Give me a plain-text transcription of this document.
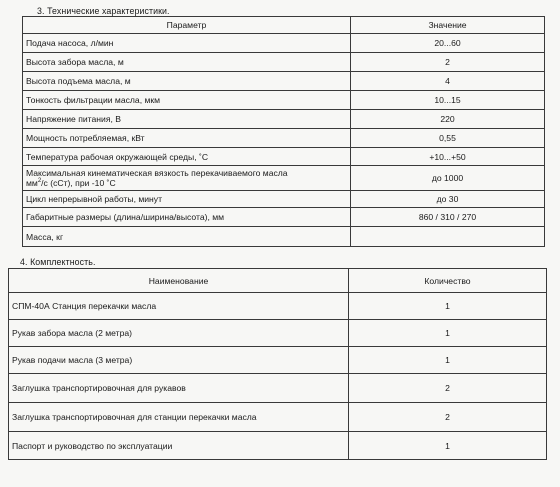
3. Технические характеристики.
Параметр	Значение
Подача насоса, л/мин	20...60
Высота забора масла, м	2
Высота подъема масла, м	4
Тонкость фильтрации масла, мкм	10...15
Напряжение питания, В	220
Мощность потребляемая, кВт	0,55
Температура рабочая окружающей среды, ˚С	+10...+50
Максимальная кинематическая вязкость перекачиваемого масла
$мм^2/с$ (сСт), при -10 ˚С	до 1000
Цикл непрерывной работы, минут	до 30
Габаритные размеры (длина/ширина/высота), мм	860 / 310 / 270
Масса, кг	
4. Комплектность.
Наименование	Количество
СПМ-40А Станция перекачки масла	1
Рукав забора масла (2 метра)	1
Рукав подачи масла (3 метра)	1
Заглушка транспортировочная для рукавов	2
Заглушка транспортировочная для станции перекачки масла	2
Паспорт и руководство по эксплуатации	1
